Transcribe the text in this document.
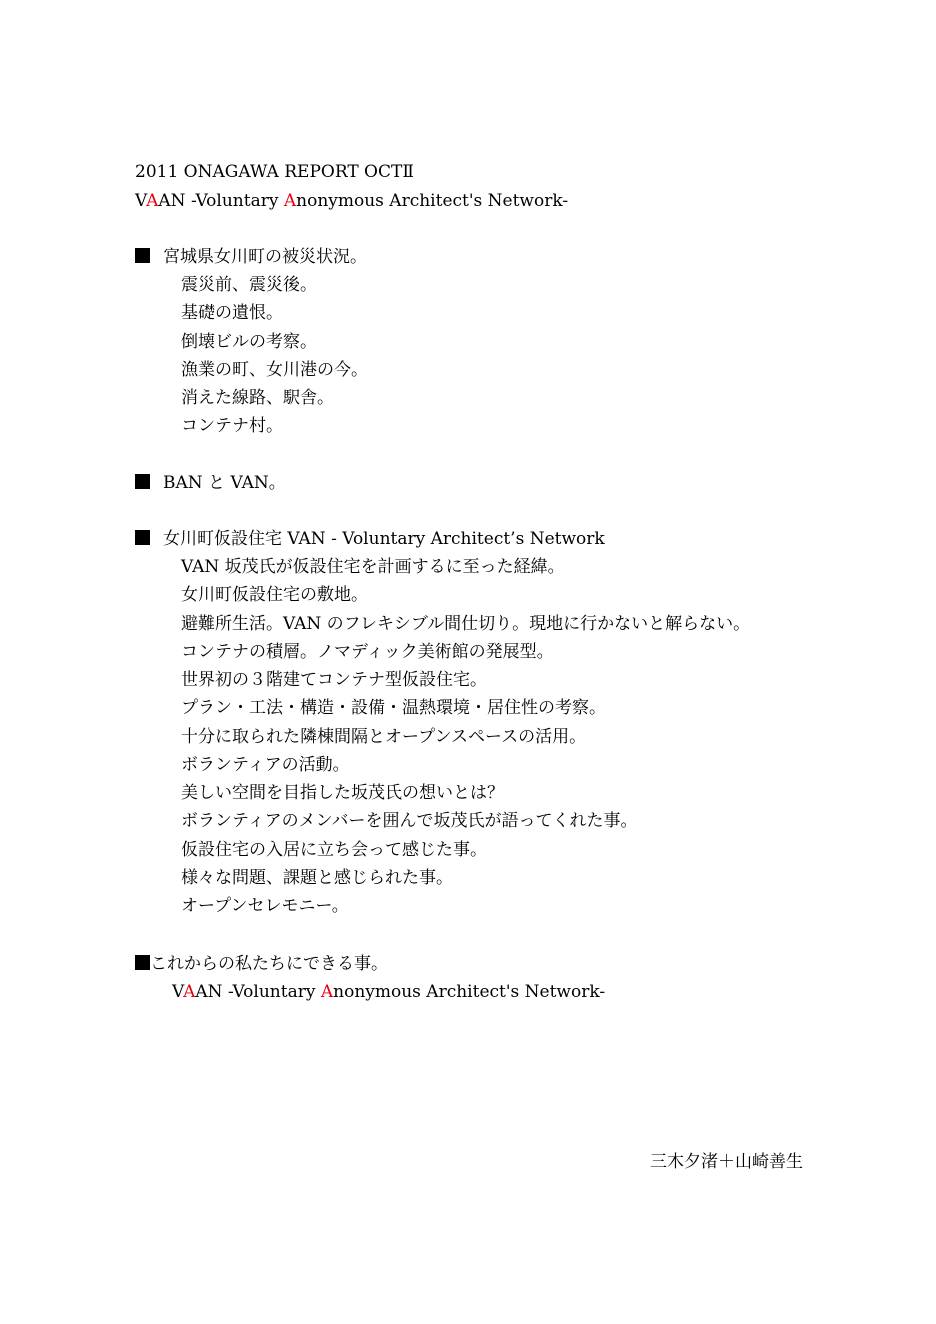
2011 ONAGAWA REPORT OCTⅡ
VAAN -Voluntary Anonymous Architect's Network-
宮城県女川町の被災状況。
震災前、震災後。
基礎の遺恨。
倒壊ビルの考察。
漁業の町、女川港の今。
消えた線路、駅舎。
コンテナ村。
BAN と VAN。
女川町仮設住宅 VAN - Voluntary Architect’s Network
VAN 坂茂氏が仮設住宅を計画するに至った経緯。
女川町仮設住宅の敷地。
避難所生活。VAN のフレキシブル間仕切り。現地に行かないと解らない。
コンテナの積層。ノマディック美術館の発展型。
世界初の３階建てコンテナ型仮設住宅。
プラン・工法・構造・設備・温熱環境・居住性の考察。
十分に取られた隣棟間隔とオープンスペースの活用。
ボランティアの活動。
美しい空間を目指した坂茂氏の想いとは？
ボランティアのメンバーを囲んで坂茂氏が語ってくれた事。
仮設住宅の入居に立ち会って感じた事。
様々な問題、課題と感じられた事。
オープンセレモニー。
これからの私たちにできる事。
VAAN -Voluntary Anonymous Architect's Network-
三木夕渚＋山崎善生
